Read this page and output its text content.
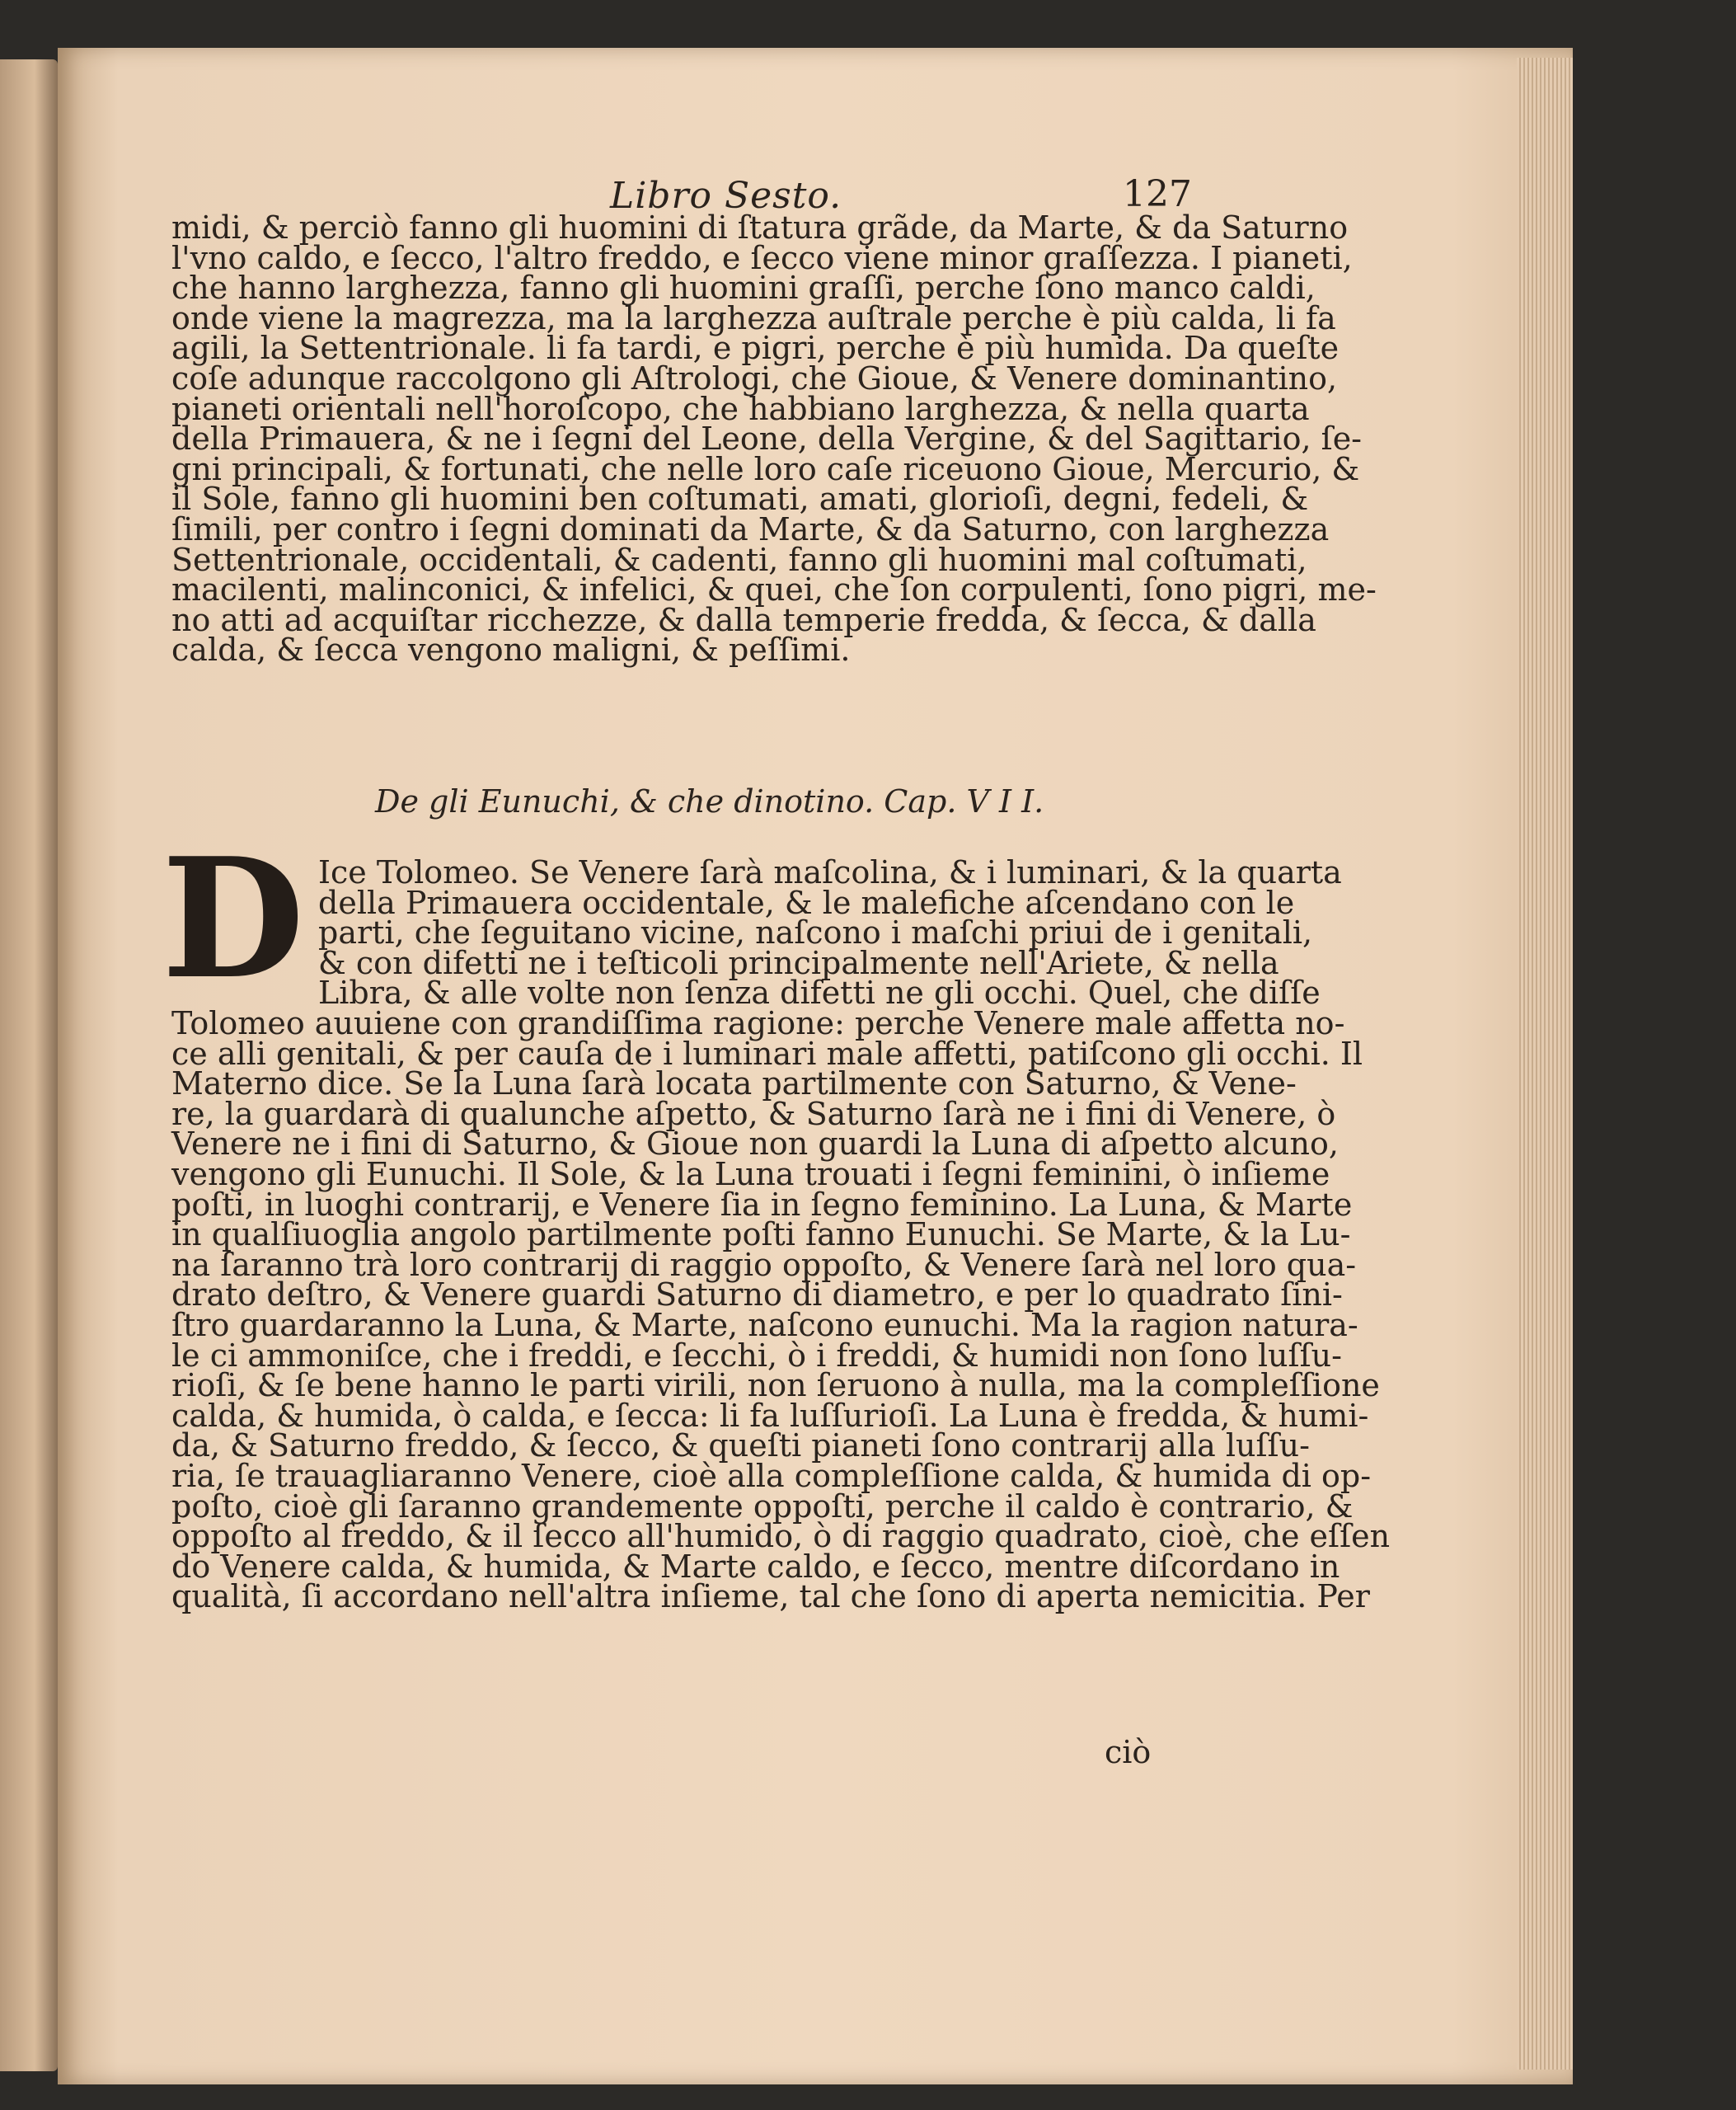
Libro Sesto.	127
midi, & perciò fanno gli huomini di ſtatura grãde, da Marte, & da Saturno
l'vno caldo, e ſecco, l'altro freddo, e ſecco viene minor graſſezza. I pianeti,
che hanno larghezza, fanno gli huomini graſſi, perche ſono manco caldi,
onde viene la magrezza, ma la larghezza auſtrale perche è più calda, li fa
agili, la Settentrionale. li fa tardi, e pigri, perche è più humida. Da queſte
coſe adunque raccolgono gli Aſtrologi, che Gioue, & Venere dominantino,
pianeti orientali nell'horoſcopo, che habbiano larghezza, & nella quarta
della Primauera, & ne i ſegni del Leone, della Vergine, & del Sagittario, ſe-
gni principali, & fortunati, che nelle loro caſe riceuono Gioue, Mercurio, &
il Sole, fanno gli huomini ben coſtumati, amati, glorioſi, degni, fedeli, &
ſimili, per contro i ſegni dominati da Marte, & da Saturno, con larghezza
Settentrionale, occidentali, & cadenti, fanno gli huomini mal coſtumati,
macilenti, malinconici, & infelici, & quei, che ſon corpulenti, ſono pigri, me-
no atti ad acquiſtar ricchezze, & dalla temperie fredda, & ſecca, & dalla
calda, & ſecca vengono maligni, & peſſimi.
De gli Eunuchi, & che dinotino. Cap. V I I.
D Ice Tolomeo. Se Venere ſarà maſcolina, & i luminari, & la quarta
della Primauera occidentale, & le malefiche aſcendano con le
parti, che ſeguitano vicine, naſcono i maſchi priui de i genitali,
& con difetti ne i teſticoli principalmente nell'Ariete, & nella
Libra, & alle volte non ſenza difetti ne gli occhi. Quel, che diſſe
Tolomeo auuiene con grandiſſima ragione: perche Venere male affetta no-
ce alli genitali, & per cauſa de i luminari male affetti, patiſcono gli occhi. Il
Materno dice. Se la Luna ſarà locata partilmente con Saturno, & Vene-
re, la guardarà di qualunche aſpetto, & Saturno ſarà ne i fini di Venere, ò
Venere ne i fini di Saturno, & Gioue non guardi la Luna di aſpetto alcuno,
vengono gli Eunuchi. Il Sole, & la Luna trouati i ſegni feminini, ò inſieme
poſti, in luoghi contrarij, e Venere ſia in ſegno feminino. La Luna, & Marte
in qualſiuoglia angolo partilmente poſti fanno Eunuchi. Se Marte, & la Lu-
na ſaranno trà loro contrarij di raggio oppoſto, & Venere ſarà nel loro qua-
drato deſtro, & Venere guardi Saturno di diametro, e per lo quadrato ſini-
ſtro guardaranno la Luna, & Marte, naſcono eunuchi. Ma la ragion natura-
le ci ammoniſce, che i freddi, e ſecchi, ò i freddi, & humidi non ſono luſſu-
rioſi, & ſe bene hanno le parti virili, non ſeruono à nulla, ma la compleſſione
calda, & humida, ò calda, e ſecca: li fa luſſurioſi. La Luna è fredda, & humi-
da, & Saturno freddo, & ſecco, & queſti pianeti ſono contrarij alla luſſu-
ria, ſe trauagliaranno Venere, cioè alla compleſſione calda, & humida di op-
poſto, cioè gli ſaranno grandemente oppoſti, perche il caldo è contrario, &
oppoſto al freddo, & il ſecco all'humido, ò di raggio quadrato, cioè, che eſſen
do Venere calda, & humida, & Marte caldo, e ſecco, mentre diſcordano in
qualità, ſi accordano nell'altra inſieme, tal che ſono di aperta nemicitia. Per
ciò
